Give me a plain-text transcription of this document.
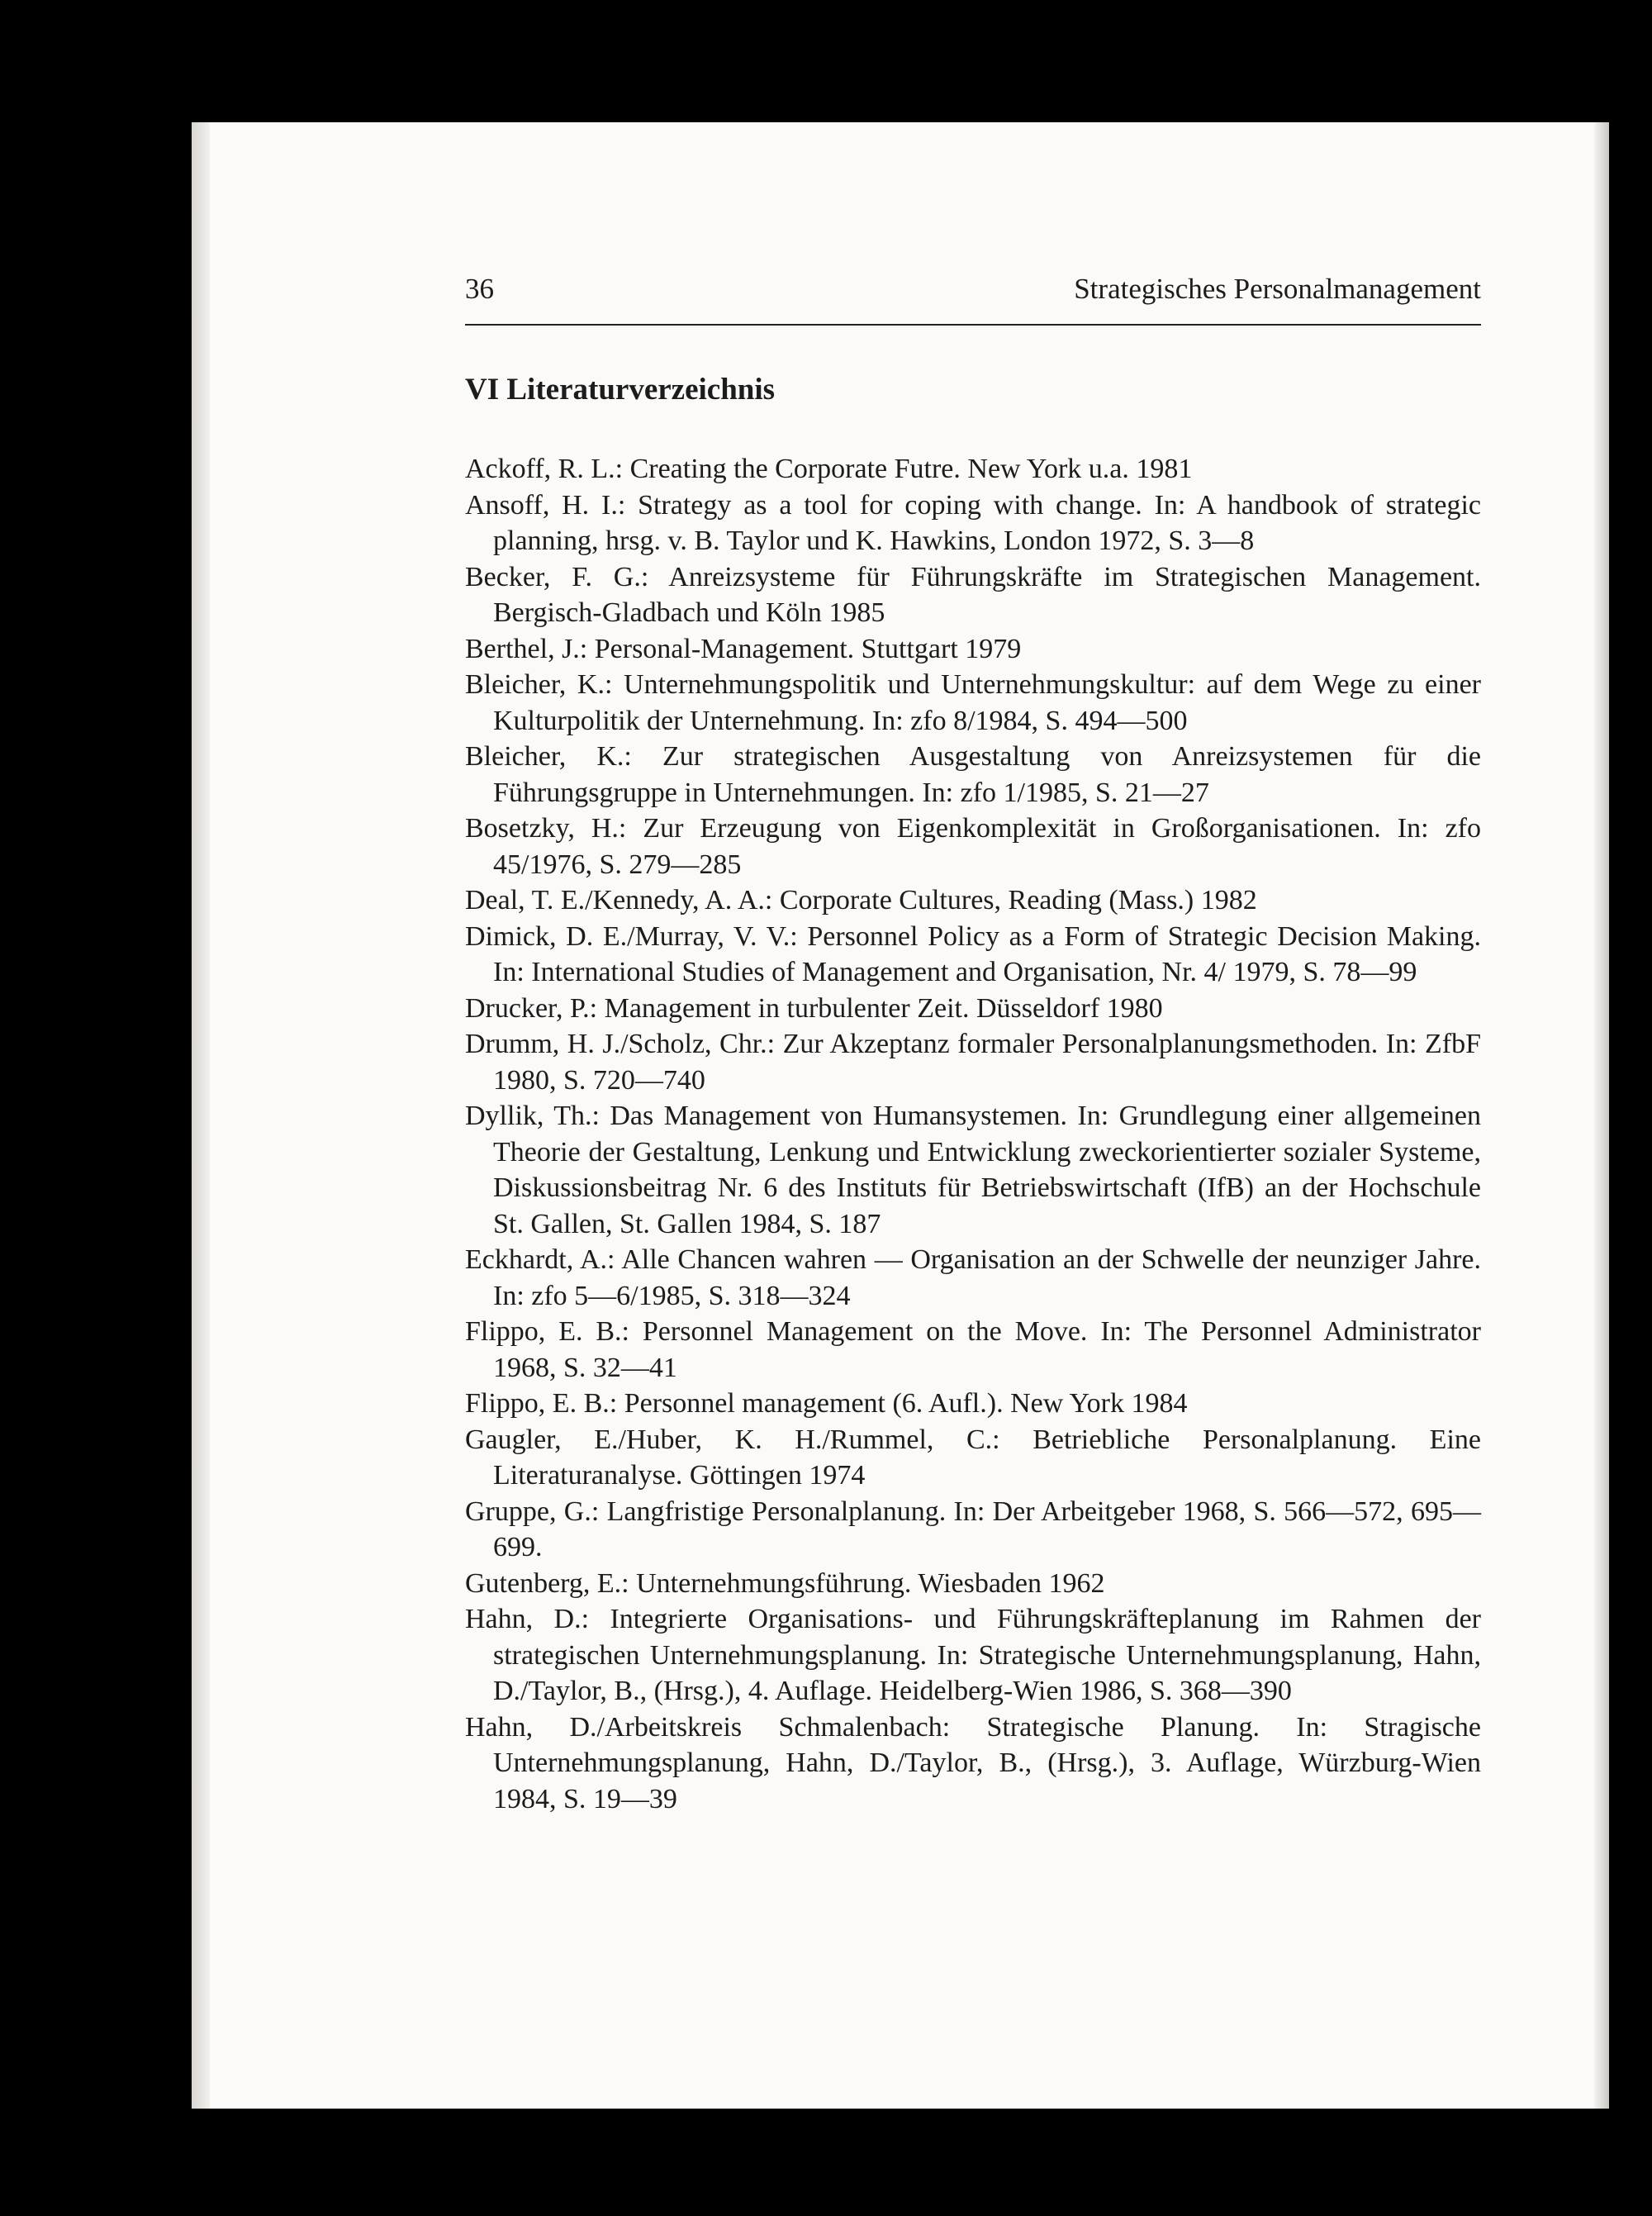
36	Strategisches Personalmanagement
VI Literaturverzeichnis
Ackoff, R. L.: Creating the Corporate Futre. New York u.a. 1981
Ansoff, H. I.: Strategy as a tool for coping with change. In: A handbook of strategic planning, hrsg. v. B. Taylor und K. Hawkins, London 1972, S. 3—8
Becker, F. G.: Anreizsysteme für Führungskräfte im Strategischen Management. Bergisch-Gladbach und Köln 1985
Berthel, J.: Personal-Management. Stuttgart 1979
Bleicher, K.: Unternehmungspolitik und Unternehmungskultur: auf dem Wege zu einer Kulturpolitik der Unternehmung. In: zfo 8/1984, S. 494—500
Bleicher, K.: Zur strategischen Ausgestaltung von Anreizsystemen für die Führungsgruppe in Unternehmungen. In: zfo 1/1985, S. 21—27
Bosetzky, H.: Zur Erzeugung von Eigenkomplexität in Großorganisationen. In: zfo 45/1976, S. 279—285
Deal, T. E./Kennedy, A. A.: Corporate Cultures, Reading (Mass.) 1982
Dimick, D. E./Murray, V. V.: Personnel Policy as a Form of Strategic Decision Making. In: International Studies of Management and Organisation, Nr. 4/ 1979, S. 78—99
Drucker, P.: Management in turbulenter Zeit. Düsseldorf 1980
Drumm, H. J./Scholz, Chr.: Zur Akzeptanz formaler Personalplanungsmethoden. In: ZfbF 1980, S. 720—740
Dyllik, Th.: Das Management von Humansystemen. In: Grundlegung einer allgemeinen Theorie der Gestaltung, Lenkung und Entwicklung zweckorientierter sozialer Systeme, Diskussionsbeitrag Nr. 6 des Instituts für Betriebswirtschaft (IfB) an der Hochschule St. Gallen, St. Gallen 1984, S. 187
Eckhardt, A.: Alle Chancen wahren — Organisation an der Schwelle der neunziger Jahre. In: zfo 5—6/1985, S. 318—324
Flippo, E. B.: Personnel Management on the Move. In: The Personnel Administrator 1968, S. 32—41
Flippo, E. B.: Personnel management (6. Aufl.). New York 1984
Gaugler, E./Huber, K. H./Rummel, C.: Betriebliche Personalplanung. Eine Literaturanalyse. Göttingen 1974
Gruppe, G.: Langfristige Personalplanung. In: Der Arbeitgeber 1968, S. 566—572, 695—699.
Gutenberg, E.: Unternehmungsführung. Wiesbaden 1962
Hahn, D.: Integrierte Organisations- und Führungskräfteplanung im Rahmen der strategischen Unternehmungsplanung. In: Strategische Unternehmungsplanung, Hahn, D./Taylor, B., (Hrsg.), 4. Auflage. Heidelberg-Wien 1986, S. 368—390
Hahn, D./Arbeitskreis Schmalenbach: Strategische Planung. In: Stragische Unternehmungsplanung, Hahn, D./Taylor, B., (Hrsg.), 3. Auflage, Würzburg-Wien 1984, S. 19—39
